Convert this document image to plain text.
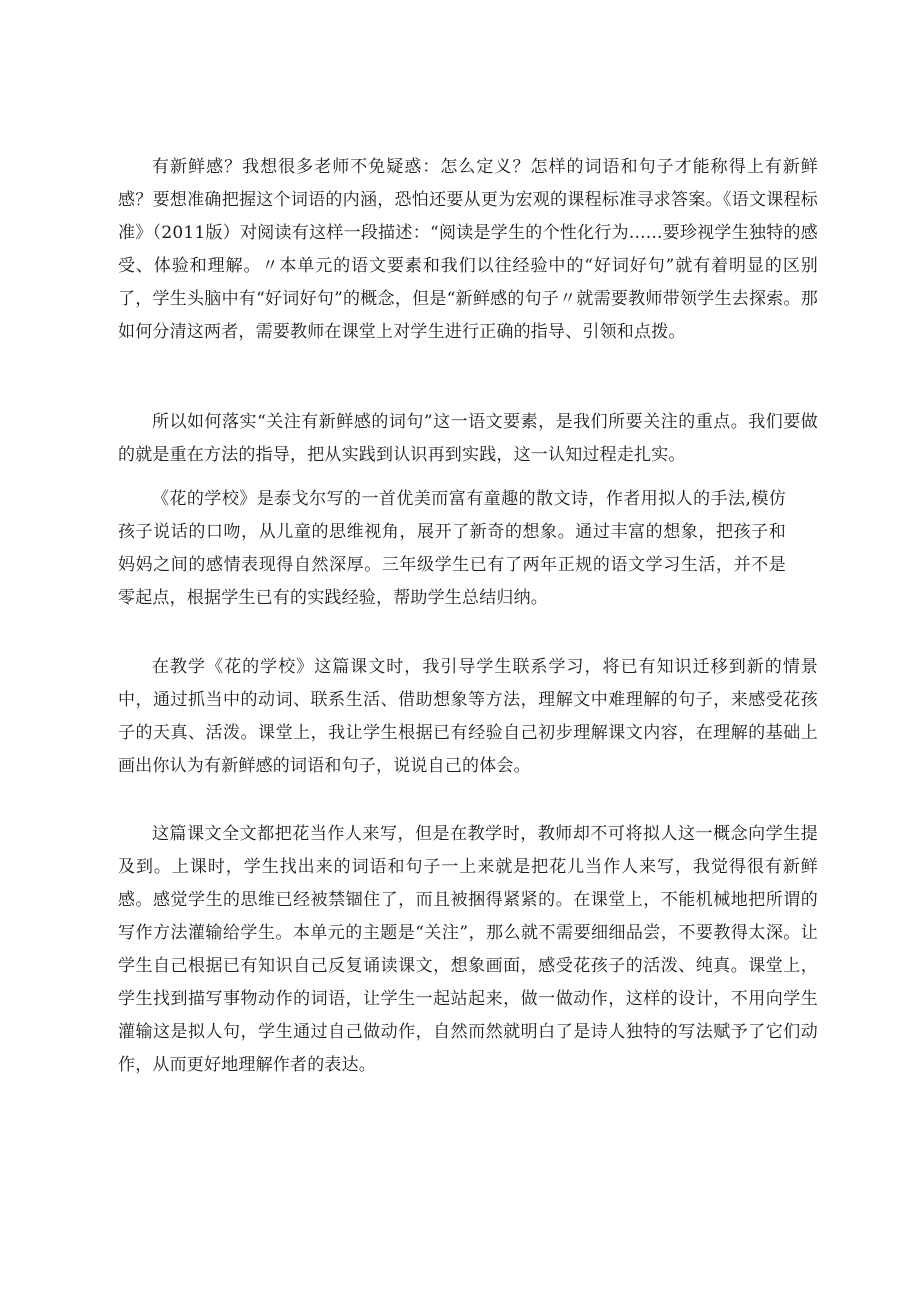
有新鲜感？我想很多老师不免疑惑：怎么定义？怎样的词语和句子才能称得上有新鲜感？要想准确把握这个词语的内涵，恐怕还要从更为宏观的课程标准寻求答案。《语文课程标准》（2011版）对阅读有这样一段描述：“阅读是学生的个性化行为......要珍视学生独特的感受、体验和理解。〃本单元的语文要素和我们以往经验中的“好词好句”就有着明显的区别了，学生头脑中有“好词好句”的概念，但是“新鲜感的句子〃就需要教师带领学生去探索。那如何分清这两者，需要教师在课堂上对学生进行正确的指导、引领和点拨。

所以如何落实“关注有新鲜感的词句”这一语文要素，是我们所要关注的重点。我们要做的就是重在方法的指导，把从实践到认识再到实践，这一认知过程走扎实。

《花的学校》是泰戈尔写的一首优美而富有童趣的散文诗，作者用拟人的手法,模仿孩子说话的口吻，从儿童的思维视角，展开了新奇的想象。通过丰富的想象，把孩子和妈妈之间的感情表现得自然深厚。三年级学生已有了两年正规的语文学习生活，并不是零起点，根据学生已有的实践经验，帮助学生总结归纳。

在教学《花的学校》这篇课文时，我引导学生联系学习，将已有知识迁移到新的情景中，通过抓当中的动词、联系生活、借助想象等方法，理解文中难理解的句子，来感受花孩子的天真、活泼。课堂上，我让学生根据已有经验自己初步理解课文内容，在理解的基础上画出你认为有新鲜感的词语和句子，说说自己的体会。

这篇课文全文都把花当作人来写，但是在教学时，教师却不可将拟人这一概念向学生提及到。上课时，学生找出来的词语和句子一上来就是把花儿当作人来写，我觉得很有新鲜感。感觉学生的思维已经被禁锢住了，而且被捆得紧紧的。在课堂上，不能机械地把所谓的写作方法灌输给学生。本单元的主题是“关注”，那么就不需要细细品尝，不要教得太深。让学生自己根据已有知识自己反复诵读课文，想象画面，感受花孩子的活泼、纯真。课堂上，学生找到描写事物动作的词语，让学生一起站起来，做一做动作，这样的设计，不用向学生灌输这是拟人句，学生通过自己做动作，自然而然就明白了是诗人独特的写法赋予了它们动作，从而更好地理解作者的表达。
